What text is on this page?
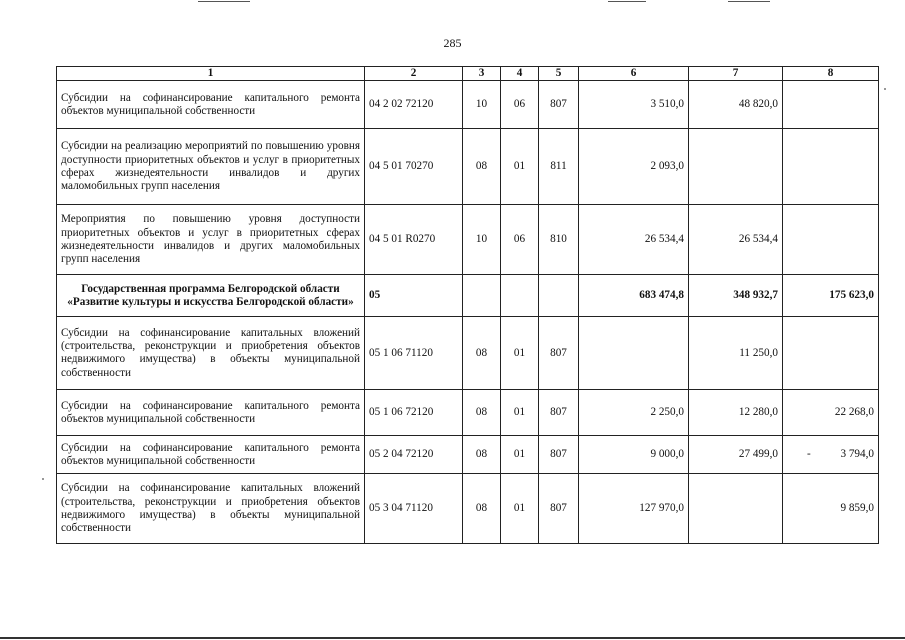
285
1	2	3	4	5	6	7	8
Субсидии на софинансирование капитального ремонта объектов муниципальной собственности	04 2 02 72120	10	06	807	3 510,0	48 820,0	
Субсидии на реализацию мероприятий по повышению уровня доступности приоритетных объектов и услуг в приоритетных сферах жизнедеятельности инвалидов и других маломобильных групп населения	04 5 01 70270	08	01	811	2 093,0		
Мероприятия по повышению уровня доступности приоритетных объектов и услуг в приоритетных сферах жизнедеятельности инвалидов и других маломобильных групп населения	04 5 01 R0270	10	06	810	26 534,4	26 534,4	
Государственная программа Белгородской области «Развитие культуры и искусства Белгородской области»	05				683 474,8	348 932,7	175 623,0
Субсидии на софинансирование капитальных вложений (строительства, реконструкции и приобретения объектов недвижимого имущества) в объекты муниципальной собственности	05 1 06 71120	08	01	807		11 250,0	
Субсидии на софинансирование капитального ремонта объектов муниципальной собственности	05 1 06 72120	08	01	807	2 250,0	12 280,0	22 268,0
Субсидии на софинансирование капитального ремонта объектов муниципальной собственности	05 2 04 72120	08	01	807	9 000,0	27 499,0	- 3 794,0
Субсидии на софинансирование капитальных вложений (строительства, реконструкции и приобретения объектов недвижимого имущества) в объекты муниципальной собственности	05 3 04 71120	08	01	807	127 970,0		9 859,0
